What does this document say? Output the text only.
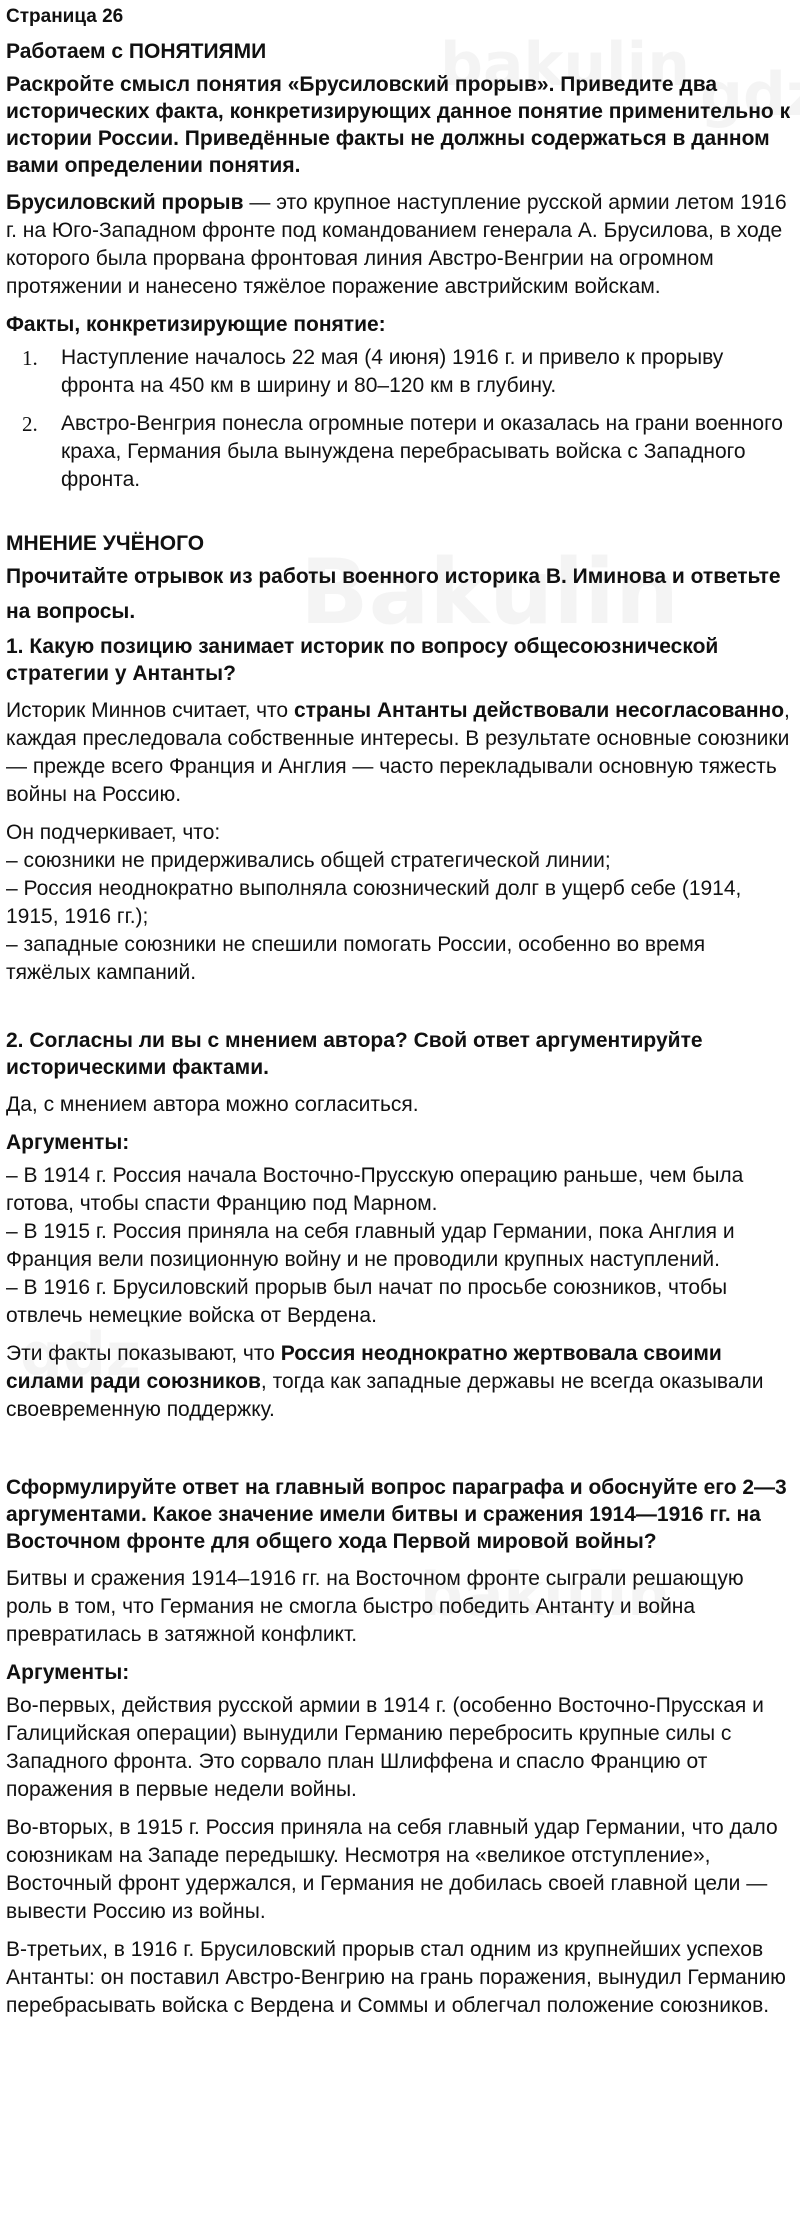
Страница 26
Работаем с ПОНЯТИЯМИ
Раскройте смысл понятия «Брусиловский прорыв». Приведите два исторических факта, конкретизирующих данное понятие применительно к истории России. Приведённые факты не должны содержаться в данном вами определении понятия.
Брусиловский прорыв — это крупное наступление русской армии летом 1916 г. на Юго-Западном фронте под командованием генерала А. Брусилова, в ходе которого была прорвана фронтовая линия Австро-Венгрии на огромном протяжении и нанесено тяжёлое поражение австрийским войскам.
Факты, конкретизирующие понятие:
1.	Наступление началось 22 мая (4 июня) 1916 г. и привело к прорыву фронта на 450 км в ширину и 80–120 км в глубину.
2.	Австро-Венгрия понесла огромные потери и оказалась на грани военного краха, Германия была вынуждена перебрасывать войска с Западного фронта.
МНЕНИЕ УЧЁНОГО
Прочитайте отрывок из работы военного историка В. Иминова и ответьте
на вопросы.
1. Какую позицию занимает историк по вопросу общесоюзнической стратегии у Антанты?
Историк Миннов считает, что страны Антанты действовали несогласованно, каждая преследовала собственные интересы. В результате основные союзники — прежде всего Франция и Англия — часто перекладывали основную тяжесть войны на Россию.
Он подчеркивает, что:
– союзники не придерживались общей стратегической линии;
– Россия неоднократно выполняла союзнический долг в ущерб себе (1914, 1915, 1916 гг.);
– западные союзники не спешили помогать России, особенно во время тяжёлых кампаний.
2. Согласны ли вы с мнением автора? Свой ответ аргументируйте историческими фактами.
Да, с мнением автора можно согласиться.
Аргументы:
– В 1914 г. Россия начала Восточно-Прусскую операцию раньше, чем была готова, чтобы спасти Францию под Марном.
– В 1915 г. Россия приняла на себя главный удар Германии, пока Англия и Франция вели позиционную войну и не проводили крупных наступлений.
– В 1916 г. Брусиловский прорыв был начат по просьбе союзников, чтобы отвлечь немецкие войска от Вердена.
Эти факты показывают, что Россия неоднократно жертвовала своими силами ради союзников, тогда как западные державы не всегда оказывали своевременную поддержку.
Сформулируйте ответ на главный вопрос параграфа и обоснуйте его 2—3 аргументами. Какое значение имели битвы и сражения 1914—1916 гг. на Восточном фронте для общего хода Первой мировой войны?
Битвы и сражения 1914–1916 гг. на Восточном фронте сыграли решающую роль в том, что Германия не смогла быстро победить Антанту и война превратилась в затяжной конфликт.
Аргументы:
Во-первых, действия русской армии в 1914 г. (особенно Восточно-Прусская и Галицийская операции) вынудили Германию перебросить крупные силы с Западного фронта. Это сорвало план Шлиффена и спасло Францию от поражения в первые недели войны.
Во-вторых, в 1915 г. Россия приняла на себя главный удар Германии, что дало союзникам на Западе передышку. Несмотря на «великое отступление», Восточный фронт удержался, и Германия не добилась своей главной цели — вывести Россию из войны.
В-третьих, в 1916 г. Брусиловский прорыв стал одним из крупнейших успехов Антанты: он поставил Австро-Венгрию на грань поражения, вынудил Германию перебрасывать войска с Вердена и Соммы и облегчал положение союзников.
